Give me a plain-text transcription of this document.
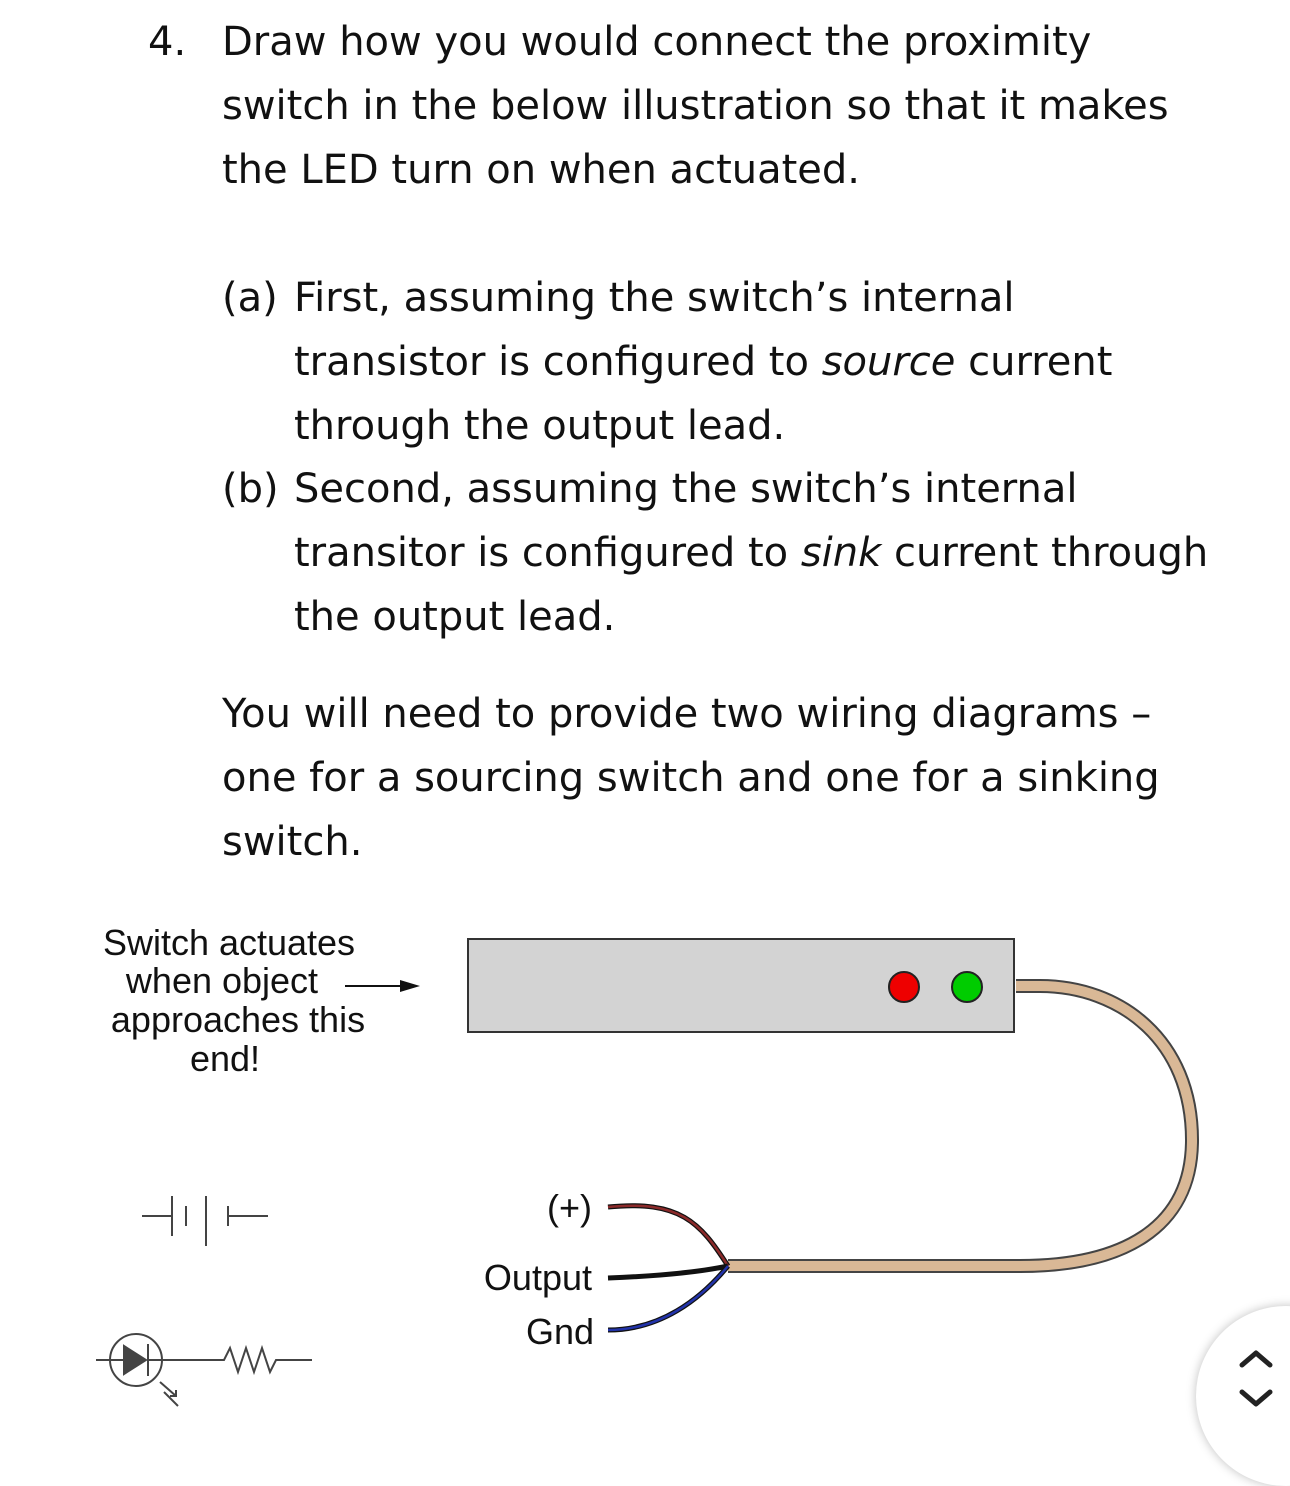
4. Draw how you would connect the proximity switch in the below illustration so that it makes the LED turn on when actuated.
(a) First, assuming the switch’s internal transistor is configured to source current through the output lead.
(b) Second, assuming the switch’s internal transitor is configured to sink current through the output lead.
You will need to provide two wiring diagrams – one for a sourcing switch and one for a sinking switch.
Switch actuates
when object
approaches this
end!
(+)
Output
Gnd
